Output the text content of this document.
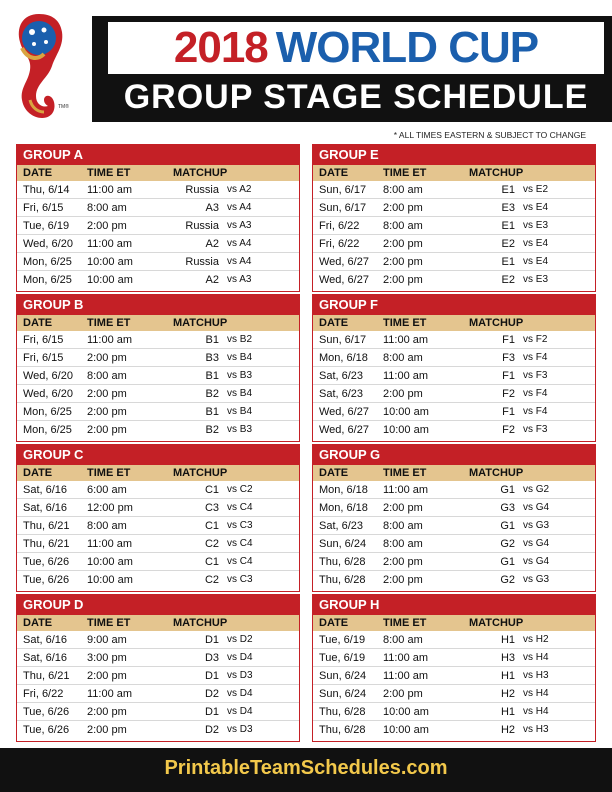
TM®
2018 WORLD CUP
GROUP STAGE SCHEDULE
* ALL TIMES EASTERN & SUBJECT TO CHANGE
GROUP A
DATE	TIME ET	MATCHUP
Thu, 6/14 11:00 am	Russia vs A2
Fri, 6/15 8:00 am	A3 vs A4
Tue, 6/19 2:00 pm	Russia vs A3
Wed, 6/20 11:00 am	A2 vs A4
Mon, 6/25 10:00 am	Russia vs A4
Mon, 6/25 10:00 am	A2 vs A3
GROUP E
DATE	TIME ET	MATCHUP
Sun, 6/17 8:00 am	E1 vs E2
Sun, 6/17 2:00 pm	E3 vs E4
Fri, 6/22 8:00 am	E1 vs E3
Fri, 6/22 2:00 pm	E2 vs E4
Wed, 6/27 2:00 pm	E1 vs E4
Wed, 6/27 2:00 pm	E2 vs E3
GROUP B
DATE	TIME ET	MATCHUP
Fri, 6/15 11:00 am	B1 vs B2
Fri, 6/15 2:00 pm	B3 vs B4
Wed, 6/20 8:00 am	B1 vs B3
Wed, 6/20 2:00 pm	B2 vs B4
Mon, 6/25 2:00 pm	B1 vs B4
Mon, 6/25 2:00 pm	B2 vs B3
GROUP F
DATE	TIME ET	MATCHUP
Sun, 6/17 11:00 am	F1 vs F2
Mon, 6/18 8:00 am	F3 vs F4
Sat, 6/23 11:00 am	F1 vs F3
Sat, 6/23 2:00 pm	F2 vs F4
Wed, 6/27 10:00 am	F1 vs F4
Wed, 6/27 10:00 am	F2 vs F3
GROUP C
DATE	TIME ET	MATCHUP
Sat, 6/16 6:00 am	C1 vs C2
Sat, 6/16 12:00 pm	C3 vs C4
Thu, 6/21 8:00 am	C1 vs C3
Thu, 6/21 11:00 am	C2 vs C4
Tue, 6/26 10:00 am	C1 vs C4
Tue, 6/26 10:00 am	C2 vs C3
GROUP G
DATE	TIME ET	MATCHUP
Mon, 6/18 11:00 am	G1 vs G2
Mon, 6/18 2:00 pm	G3 vs G4
Sat, 6/23 8:00 am	G1 vs G3
Sun, 6/24 8:00 am	G2 vs G4
Thu, 6/28 2:00 pm	G1 vs G4
Thu, 6/28 2:00 pm	G2 vs G3
GROUP D
DATE	TIME ET	MATCHUP
Sat, 6/16 9:00 am	D1 vs D2
Sat, 6/16 3:00 pm	D3 vs D4
Thu, 6/21 2:00 pm	D1 vs D3
Fri, 6/22 11:00 am	D2 vs D4
Tue, 6/26 2:00 pm	D1 vs D4
Tue, 6/26 2:00 pm	D2 vs D3
GROUP H
DATE	TIME ET	MATCHUP
Tue, 6/19 8:00 am	H1 vs H2
Tue, 6/19 11:00 am	H3 vs H4
Sun, 6/24 11:00 am	H1 vs H3
Sun, 6/24 2:00 pm	H2 vs H4
Thu, 6/28 10:00 am	H1 vs H4
Thu, 6/28 10:00 am	H2 vs H3
PrintableTeamSchedules.com
